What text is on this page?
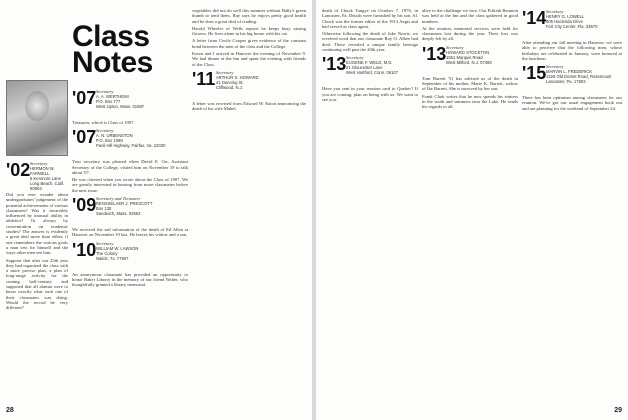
Class Notes
'02 Secretary
HERMON W. FARWELL
5 Kenmore Lane
Long Beach, Calif. 90803

Did you ever wonder about undergraduates' judgement of the potential achievements of various classmates? Was it invariably influenced by unusual ability in athletics? Or always by concentration on academic studies? The answer is evidently a great deal more than either, if one remembers the various goals a man sets for himself and the ways other men see him.

Suppose that after our 25th year they had organized the class with a more precise plan, a plan of long-range activity for the coming half-century and supposed that all alumni were to know exactly what each one of their classmates was doing. Would the record be very different?

'07 Secretary
A. A. WERTHEIM
P.O. Box 777
West Upton, Mass. 01587

Treasurer, which is Class of 1907.

'07 Secretary
A. N. URBENSTON
P.O. Box 1098
Paoli Hill Highway, Fairfax, Va. 22030

Your secretary was pleased when David E. Orr, Assistant Secretary of the College, visited him on November 19 to talk about '07.

He was cheered when you wrote about the Class of 1907. We are greatly interested in hearing from more classmates before the next issue.

'09 Secretary and Treasurer
RENSSELAER J. PRESCOTT
Box 135
Sandwich, Mass. 02563

We received the sad information of the death of Ed Allen at Hanover on November 19 last. He leaves his widow and a son.

'10 Secretary
WILLIAM W. LAWSON
The Colony
Natick, Tx. 77907

An anonymous classmate has provided an opportunity to honor Baker Library in the memory of our friend Walter, who thoughtfully granted a library memorial.

vegetables did not do well this summer without Bally's green thumb to tend them. Ray says he enjoys pretty good health and he does a great deal of reading.

Harold Wheeler of Wells reports he keeps busy raising flowers. He lives alone in his big house with his cat.

A letter from Cecile Cooper gives evidence of the constant bond between the men of the class and the College.

Karen and I arrived in Hanover the evening of November 9. We had dinner at the Inn and spent the evening with friends of the Class.

'11 Secretary
ARTHUR S. HOWARD
41 Dunning St.
Cliffwood, N.J.

A letter was received from Edward W. Eaton announcing the death of his wife Mabel.

28

death of Chuck Tangye on October 7, 1976, in Lancaster, Pa. Details were furnished by his son, Al. Chuck was the former editor of the 1913 Aegis and had served as class agent.

Otherwise following the death of Jake Norris, we received word that our classmate Roy O. Albee had died. These revealed a unique family heritage continuing well past the 20th year.

'13 Secretary
EUGENE F. WELD, M.D.
21 Gloucester Lane
West Hartford, Conn. 06107

Have you sent in your reunion card to Quebec? If you are coming, plan on being with us. We want to see you.

alive to the challenge we face. Our Fiftieth Reunion was held at the Inn and the class gathered in good numbers.

At the reunion, memorial services were held for classmates lost during the year. Their loss was deeply felt by all.

'13 Secretary
HOWARD STOCKTON
1551 Marquis Road
West Milford, N.J. 07480

Tom Barrett '51 has advised us of the death in September of his mother, Marie K. Barrett, widow of Ike Barrett. She is survived by her son.

Frank Clark writes that he now spends his winters in the south and summers near the Lake. He sends his regards to all.

'14 Secretary
HENRY G. LOWELL
905 Hacienda Drive
Fort City Center, Fla. 33570

After attending our fall meeting in Hanover, we were able to perceive that the following men, whose birthdays are celebrated in January, were honored at the luncheon.

'15 Secretary
MARVIN L. FREDERICK
1226 Old Dorset Road, Rosemount
Lancaster, Pa. 17603

There has been optimism among classmates for our reunion. We've got our usual engagement book out and are planning for the weekend of September 24.

29
